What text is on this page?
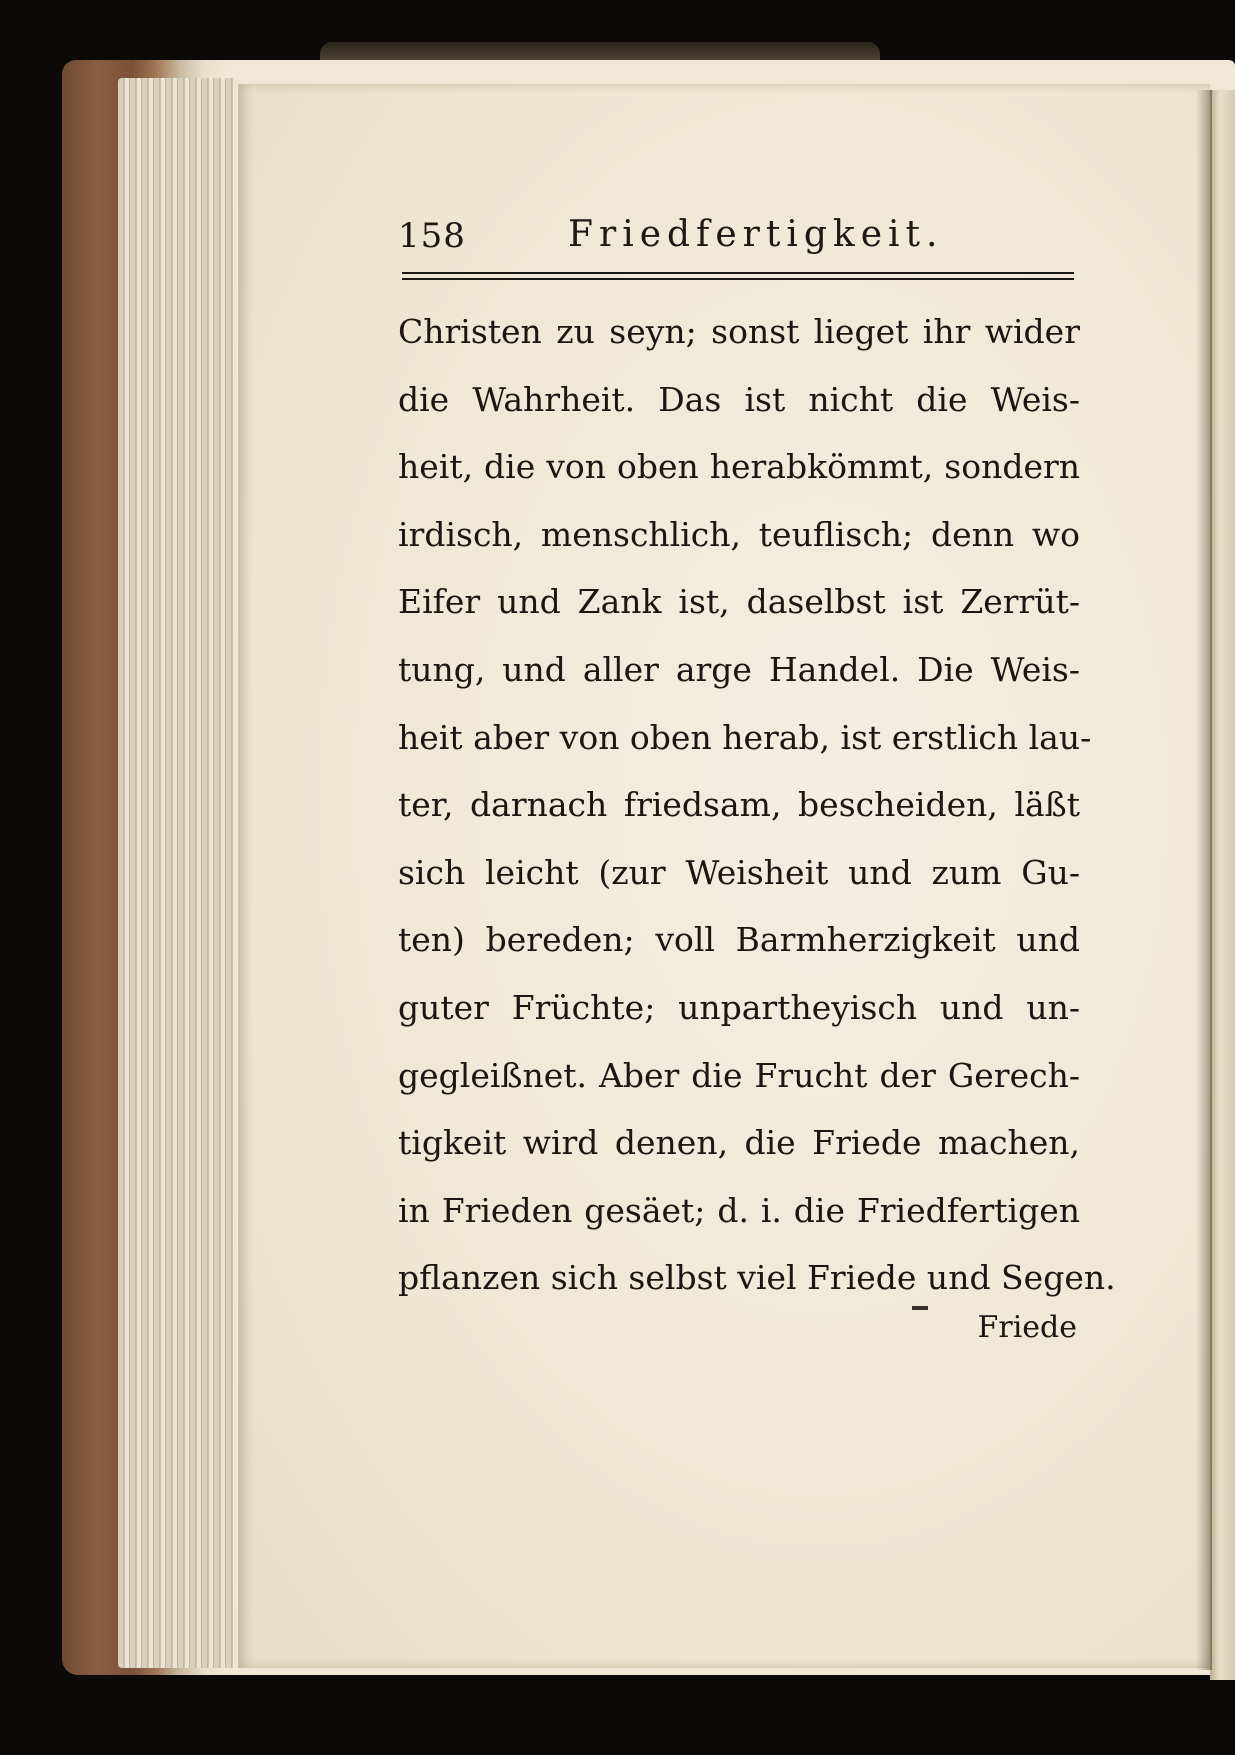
158	Friedfertigkeit.
Christen zu seyn; sonst lieget ihr wider
die Wahrheit. Das ist nicht die Weis-
heit, die von oben herabkömmt, sondern
irdisch, menschlich, teuflisch; denn wo
Eifer und Zank ist, daselbst ist Zerrüt-
tung, und aller arge Handel. Die Weis-
heit aber von oben herab, ist erstlich lau-
ter, darnach friedsam, bescheiden, läßt
sich leicht (zur Weisheit und zum Gu-
ten) bereden; voll Barmherzigkeit und
guter Früchte; unpartheyisch und un-
gegleißnet. Aber die Frucht der Gerech-
tigkeit wird denen, die Friede machen,
in Frieden gesäet; d. i. die Friedfertigen
pflanzen sich selbst viel Friede und Segen.
Friede
